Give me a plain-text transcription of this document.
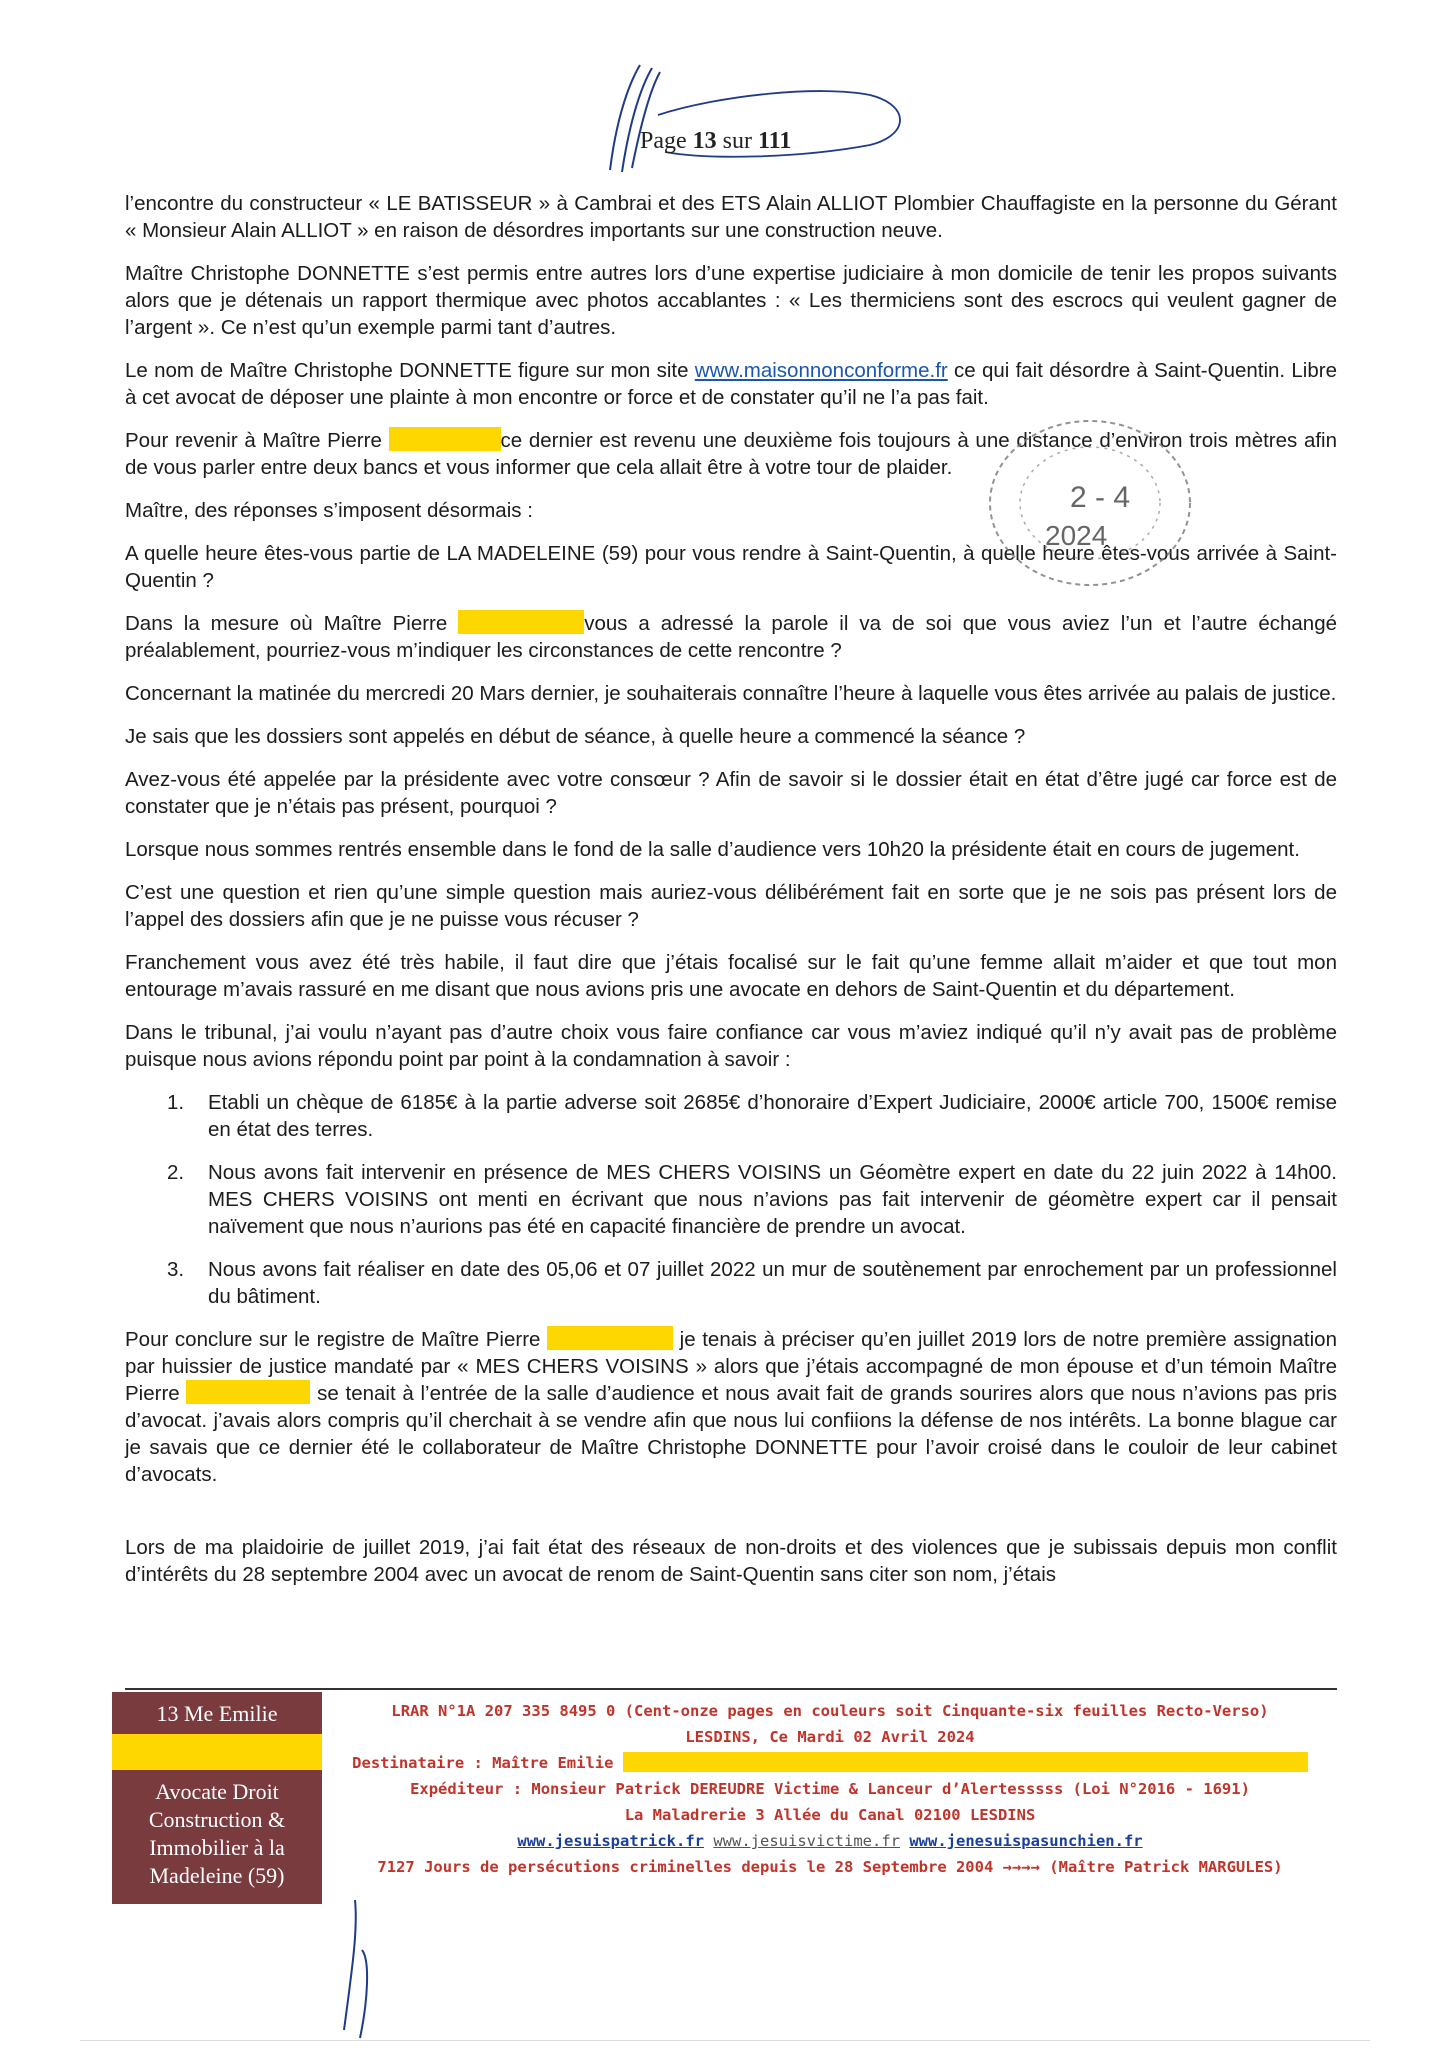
Page 13 sur 111

l’encontre du constructeur « LE BATISSEUR » à Cambrai et des ETS Alain ALLIOT Plombier Chauffagiste en la personne du Gérant « Monsieur Alain ALLIOT » en raison de désordres importants sur une construction neuve.

Maître Christophe DONNETTE s’est permis entre autres lors d’une expertise judiciaire à mon domicile de tenir les propos suivants alors que je détenais un rapport thermique avec photos accablantes : « Les thermiciens sont des escrocs qui veulent gagner de l’argent ». Ce n’est qu’un exemple parmi tant d’autres.

Le nom de Maître Christophe DONNETTE figure sur mon site www.maisonnonconforme.fr ce qui fait désordre à Saint-Quentin. Libre à cet avocat de déposer une plainte à mon encontre or force et de constater qu’il ne l’a pas fait.

Pour revenir à Maître Pierre	ce dernier est revenu une deuxième fois toujours à une distance d’environ trois mètres afin de vous parler entre deux bancs et vous informer que cela allait être à votre tour de plaider.

Maître, des réponses s’imposent désormais :

A quelle heure êtes-vous partie de LA MADELEINE (59) pour vous rendre à Saint-Quentin, à quelle heure êtes-vous arrivée à Saint-Quentin ?

Dans la mesure où Maître Pierre	vous a adressé la parole il va de soi que vous aviez l’un et l’autre échangé préalablement, pourriez-vous m’indiquer les circonstances de cette rencontre ?

Concernant la matinée du mercredi 20 Mars dernier, je souhaiterais connaître l’heure à laquelle vous êtes arrivée au palais de justice.

Je sais que les dossiers sont appelés en début de séance, à quelle heure a commencé la séance ?

Avez-vous été appelée par la présidente avec votre consœur ? Afin de savoir si le dossier était en état d’être jugé car force est de constater que je n’étais pas présent, pourquoi ?

Lorsque nous sommes rentrés ensemble dans le fond de la salle d’audience vers 10h20 la présidente était en cours de jugement.

C’est une question et rien qu’une simple question mais auriez-vous délibérément fait en sorte que je ne sois pas présent lors de l’appel des dossiers afin que je ne puisse vous récuser ?

Franchement vous avez été très habile, il faut dire que j’étais focalisé sur le fait qu’une femme allait m’aider et que tout mon entourage m’avais rassuré en me disant que nous avions pris une avocate en dehors de Saint-Quentin et du département.

Dans le tribunal, j’ai voulu n’ayant pas d’autre choix vous faire confiance car vous m’aviez indiqué qu’il n’y avait pas de problème puisque nous avions répondu point par point à la condamnation à savoir :

1. Etabli un chèque de 6185€ à la partie adverse soit 2685€ d’honoraire d’Expert Judiciaire, 2000€ article 700, 1500€ remise en état des terres.
2. Nous avons fait intervenir en présence de MES CHERS VOISINS un Géomètre expert en date du 22 juin 2022 à 14h00. MES CHERS VOISINS ont menti en écrivant que nous n’avions pas fait intervenir de géomètre expert car il pensait naïvement que nous n’aurions pas été en capacité financière de prendre un avocat.
3. Nous avons fait réaliser en date des 05,06 et 07 juillet 2022 un mur de soutènement par enrochement par un professionnel du bâtiment.

Pour conclure sur le registre de Maître Pierre	je tenais à préciser qu’en juillet 2019 lors de notre première assignation par huissier de justice mandaté par « MES CHERS VOISINS » alors que j’étais accompagné de mon épouse et d’un témoin Maître Pierre	se tenait à l’entrée de la salle d’audience et nous avait fait de grands sourires alors que nous n’avions pas pris d’avocat. j’avais alors compris qu’il cherchait à se vendre afin que nous lui confiions la défense de nos intérêts. La bonne blague car je savais que ce dernier été le collaborateur de Maître Christophe DONNETTE pour l’avoir croisé dans le couloir de leur cabinet d’avocats.

Lors de ma plaidoirie de juillet 2019, j’ai fait état des réseaux de non-droits et des violences que je subissais depuis mon conflit d’intérêts du 28 septembre 2004 avec un avocat de renom de Saint-Quentin sans citer son nom, j’étais

2 - 4
2024
13 Me Emilie
Avocate Droit
Construction &
Immobilier à la
Madeleine (59)
LRAR N°1A 207 335 8495 0 (Cent-onze pages en couleurs soit Cinquante-six feuilles Recto-Verso)
LESDINS, Ce Mardi 02 Avril 2024
Destinataire : Maître Emilie
Expéditeur : Monsieur Patrick DEREUDRE Victime & Lanceur d’Alertesssss (Loi N°2016 - 1691)
La Maladrerie 3 Allée du Canal 02100 LESDINS
www.jesuispatrick.fr www.jesuisvictime.fr www.jenesuispasunchien.fr
7127 Jours de persécutions criminelles depuis le 28 Septembre 2004 →→→→ (Maître Patrick MARGULES)
